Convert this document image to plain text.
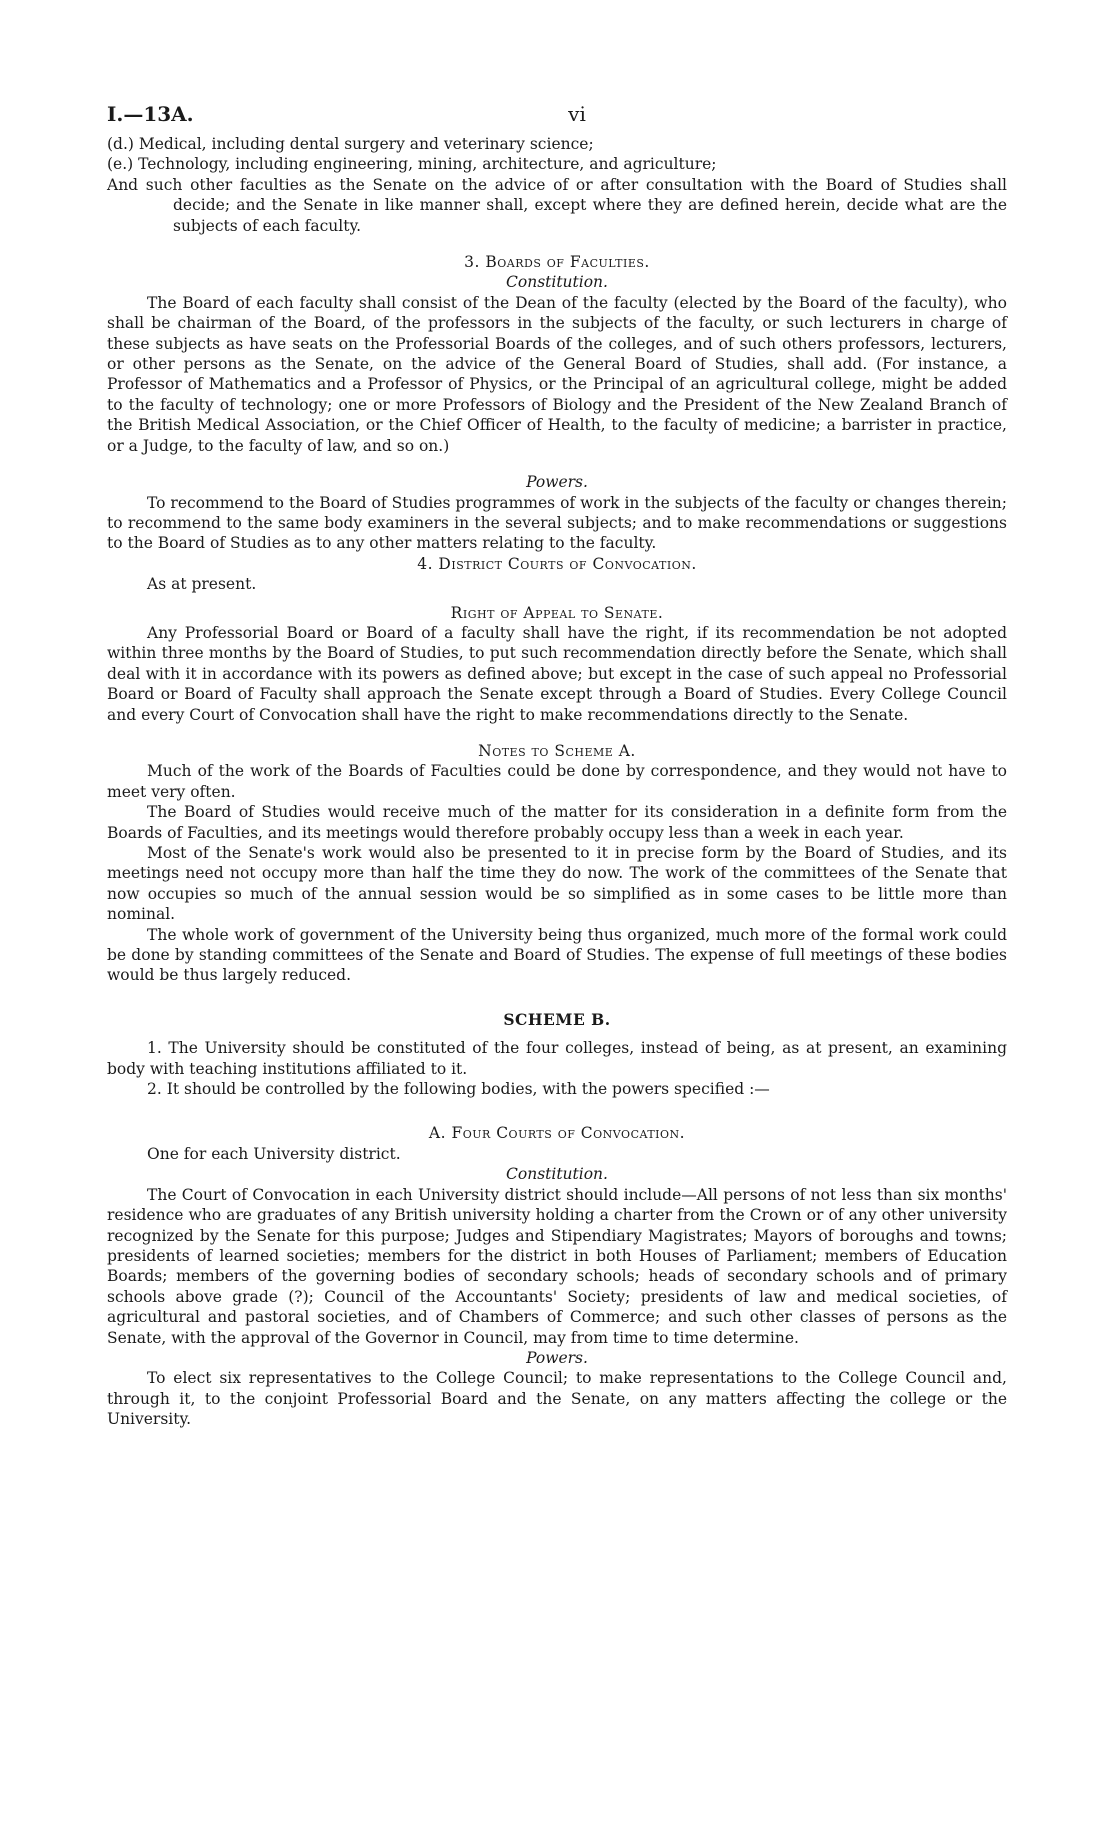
I.—13A.	vi

(d.) Medical, including dental surgery and veterinary science;

(e.) Technology, including engineering, mining, architecture, and agriculture;

And such other faculties as the Senate on the advice of or after consultation with the Board of Studies shall decide; and the Senate in like manner shall, except where they are defined herein, decide what are the subjects of each faculty.

3. Boards of Faculties.

Constitution.

The Board of each faculty shall consist of the Dean of the faculty (elected by the Board of the faculty), who shall be chairman of the Board, of the professors in the subjects of the faculty, or such lecturers in charge of these subjects as have seats on the Professorial Boards of the colleges, and of such others professors, lecturers, or other persons as the Senate, on the advice of the General Board of Studies, shall add. (For instance, a Professor of Mathematics and a Professor of Physics, or the Principal of an agricultural college, might be added to the faculty of technology; one or more Professors of Biology and the President of the New Zealand Branch of the British Medical Association, or the Chief Officer of Health, to the faculty of medicine; a barrister in practice, or a Judge, to the faculty of law, and so on.)

Powers.

To recommend to the Board of Studies programmes of work in the subjects of the faculty or changes therein; to recommend to the same body examiners in the several subjects; and to make recommendations or suggestions to the Board of Studies as to any other matters relating to the faculty.

4. District Courts of Convocation.

As at present.

Right of Appeal to Senate.

Any Professorial Board or Board of a faculty shall have the right, if its recommendation be not adopted within three months by the Board of Studies, to put such recommendation directly before the Senate, which shall deal with it in accordance with its powers as defined above; but except in the case of such appeal no Professorial Board or Board of Faculty shall approach the Senate except through a Board of Studies. Every College Council and every Court of Convocation shall have the right to make recommendations directly to the Senate.

Notes to Scheme A.

Much of the work of the Boards of Faculties could be done by correspondence, and they would not have to meet very often.

The Board of Studies would receive much of the matter for its consideration in a definite form from the Boards of Faculties, and its meetings would therefore probably occupy less than a week in each year.

Most of the Senate's work would also be presented to it in precise form by the Board of Studies, and its meetings need not occupy more than half the time they do now. The work of the committees of the Senate that now occupies so much of the annual session would be so simplified as in some cases to be little more than nominal.

The whole work of government of the University being thus organized, much more of the formal work could be done by standing committees of the Senate and Board of Studies. The expense of full meetings of these bodies would be thus largely reduced.

SCHEME B.

1. The University should be constituted of the four colleges, instead of being, as at present, an examining body with teaching institutions affiliated to it.

2. It should be controlled by the following bodies, with the powers specified :—

A. Four Courts of Convocation.

One for each University district.

Constitution.

The Court of Convocation in each University district should include—All persons of not less than six months' residence who are graduates of any British university holding a charter from the Crown or of any other university recognized by the Senate for this purpose; Judges and Stipendiary Magistrates; Mayors of boroughs and towns; presidents of learned societies; members for the district in both Houses of Parliament; members of Education Boards; members of the governing bodies of secondary schools; heads of secondary schools and of primary schools above grade (?); Council of the Accountants' Society; presidents of law and medical societies, of agricultural and pastoral societies, and of Chambers of Commerce; and such other classes of persons as the Senate, with the approval of the Governor in Council, may from time to time determine.

Powers.

To elect six representatives to the College Council; to make representations to the College Council and, through it, to the conjoint Professorial Board and the Senate, on any matters affecting the college or the University.
